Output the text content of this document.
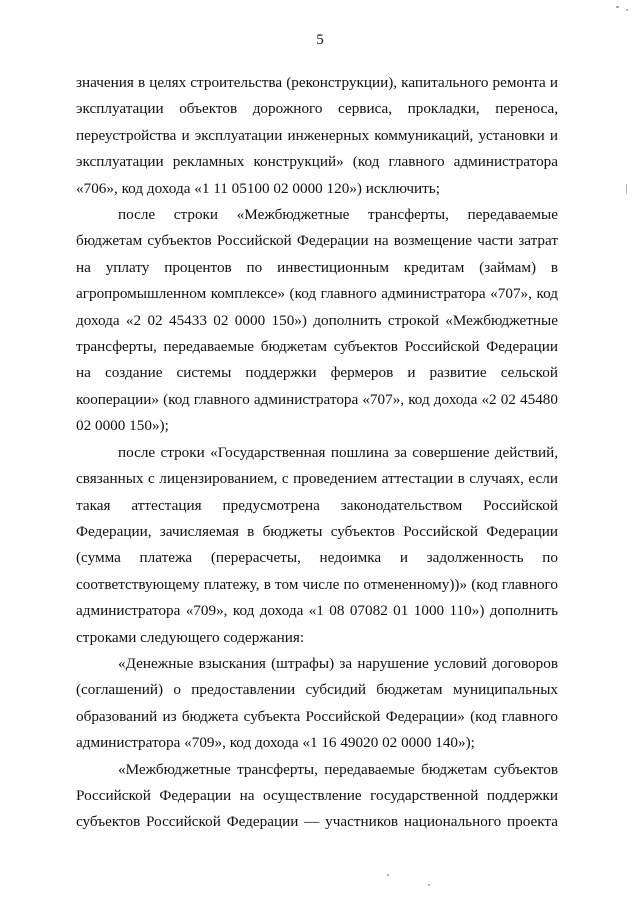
5

значения в целях строительства (реконструкции), капитального ремонта и эксплуатации объектов дорожного сервиса, прокладки, переноса, переустройства и эксплуатации инженерных коммуникаций, установки и эксплуатации рекламных конструкций» (код главного администратора «706», код дохода «1 11 05100 02 0000 120») исключить;

после строки «Межбюджетные трансферты, передаваемые бюджетам субъектов Российской Федерации на возмещение части затрат на уплату процентов по инвестиционным кредитам (займам) в агропромышленном комплексе» (код главного администратора «707», код дохода «2 02 45433 02 0000 150») дополнить строкой «Межбюджетные трансферты, передаваемые бюджетам субъектов Российской Федерации на создание системы поддержки фермеров и развитие сельской кооперации» (код главного администратора «707», код дохода «2 02 45480 02 0000 150»);

после строки «Государственная пошлина за совершение действий, связанных с лицензированием, с проведением аттестации в случаях, если такая аттестация предусмотрена законодательством Российской Федерации, зачисляемая в бюджеты субъектов Российской Федерации (сумма платежа (перерасчеты, недоимка и задолженность по соответствующему платежу, в том числе по отмененному))» (код главного администратора «709», код дохода «1 08 07082 01 1000 110») дополнить строками следующего содержания:

«Денежные взыскания (штрафы) за нарушение условий договоров (соглашений) о предоставлении субсидий бюджетам муниципальных образований из бюджета субъекта Российской Федерации» (код главного администратора «709», код дохода «1 16 49020 02 0000 140»);

«Межбюджетные трансферты, передаваемые бюджетам субъектов Российской Федерации на осуществление государственной поддержки субъектов Российской Федерации — участников национального проекта
